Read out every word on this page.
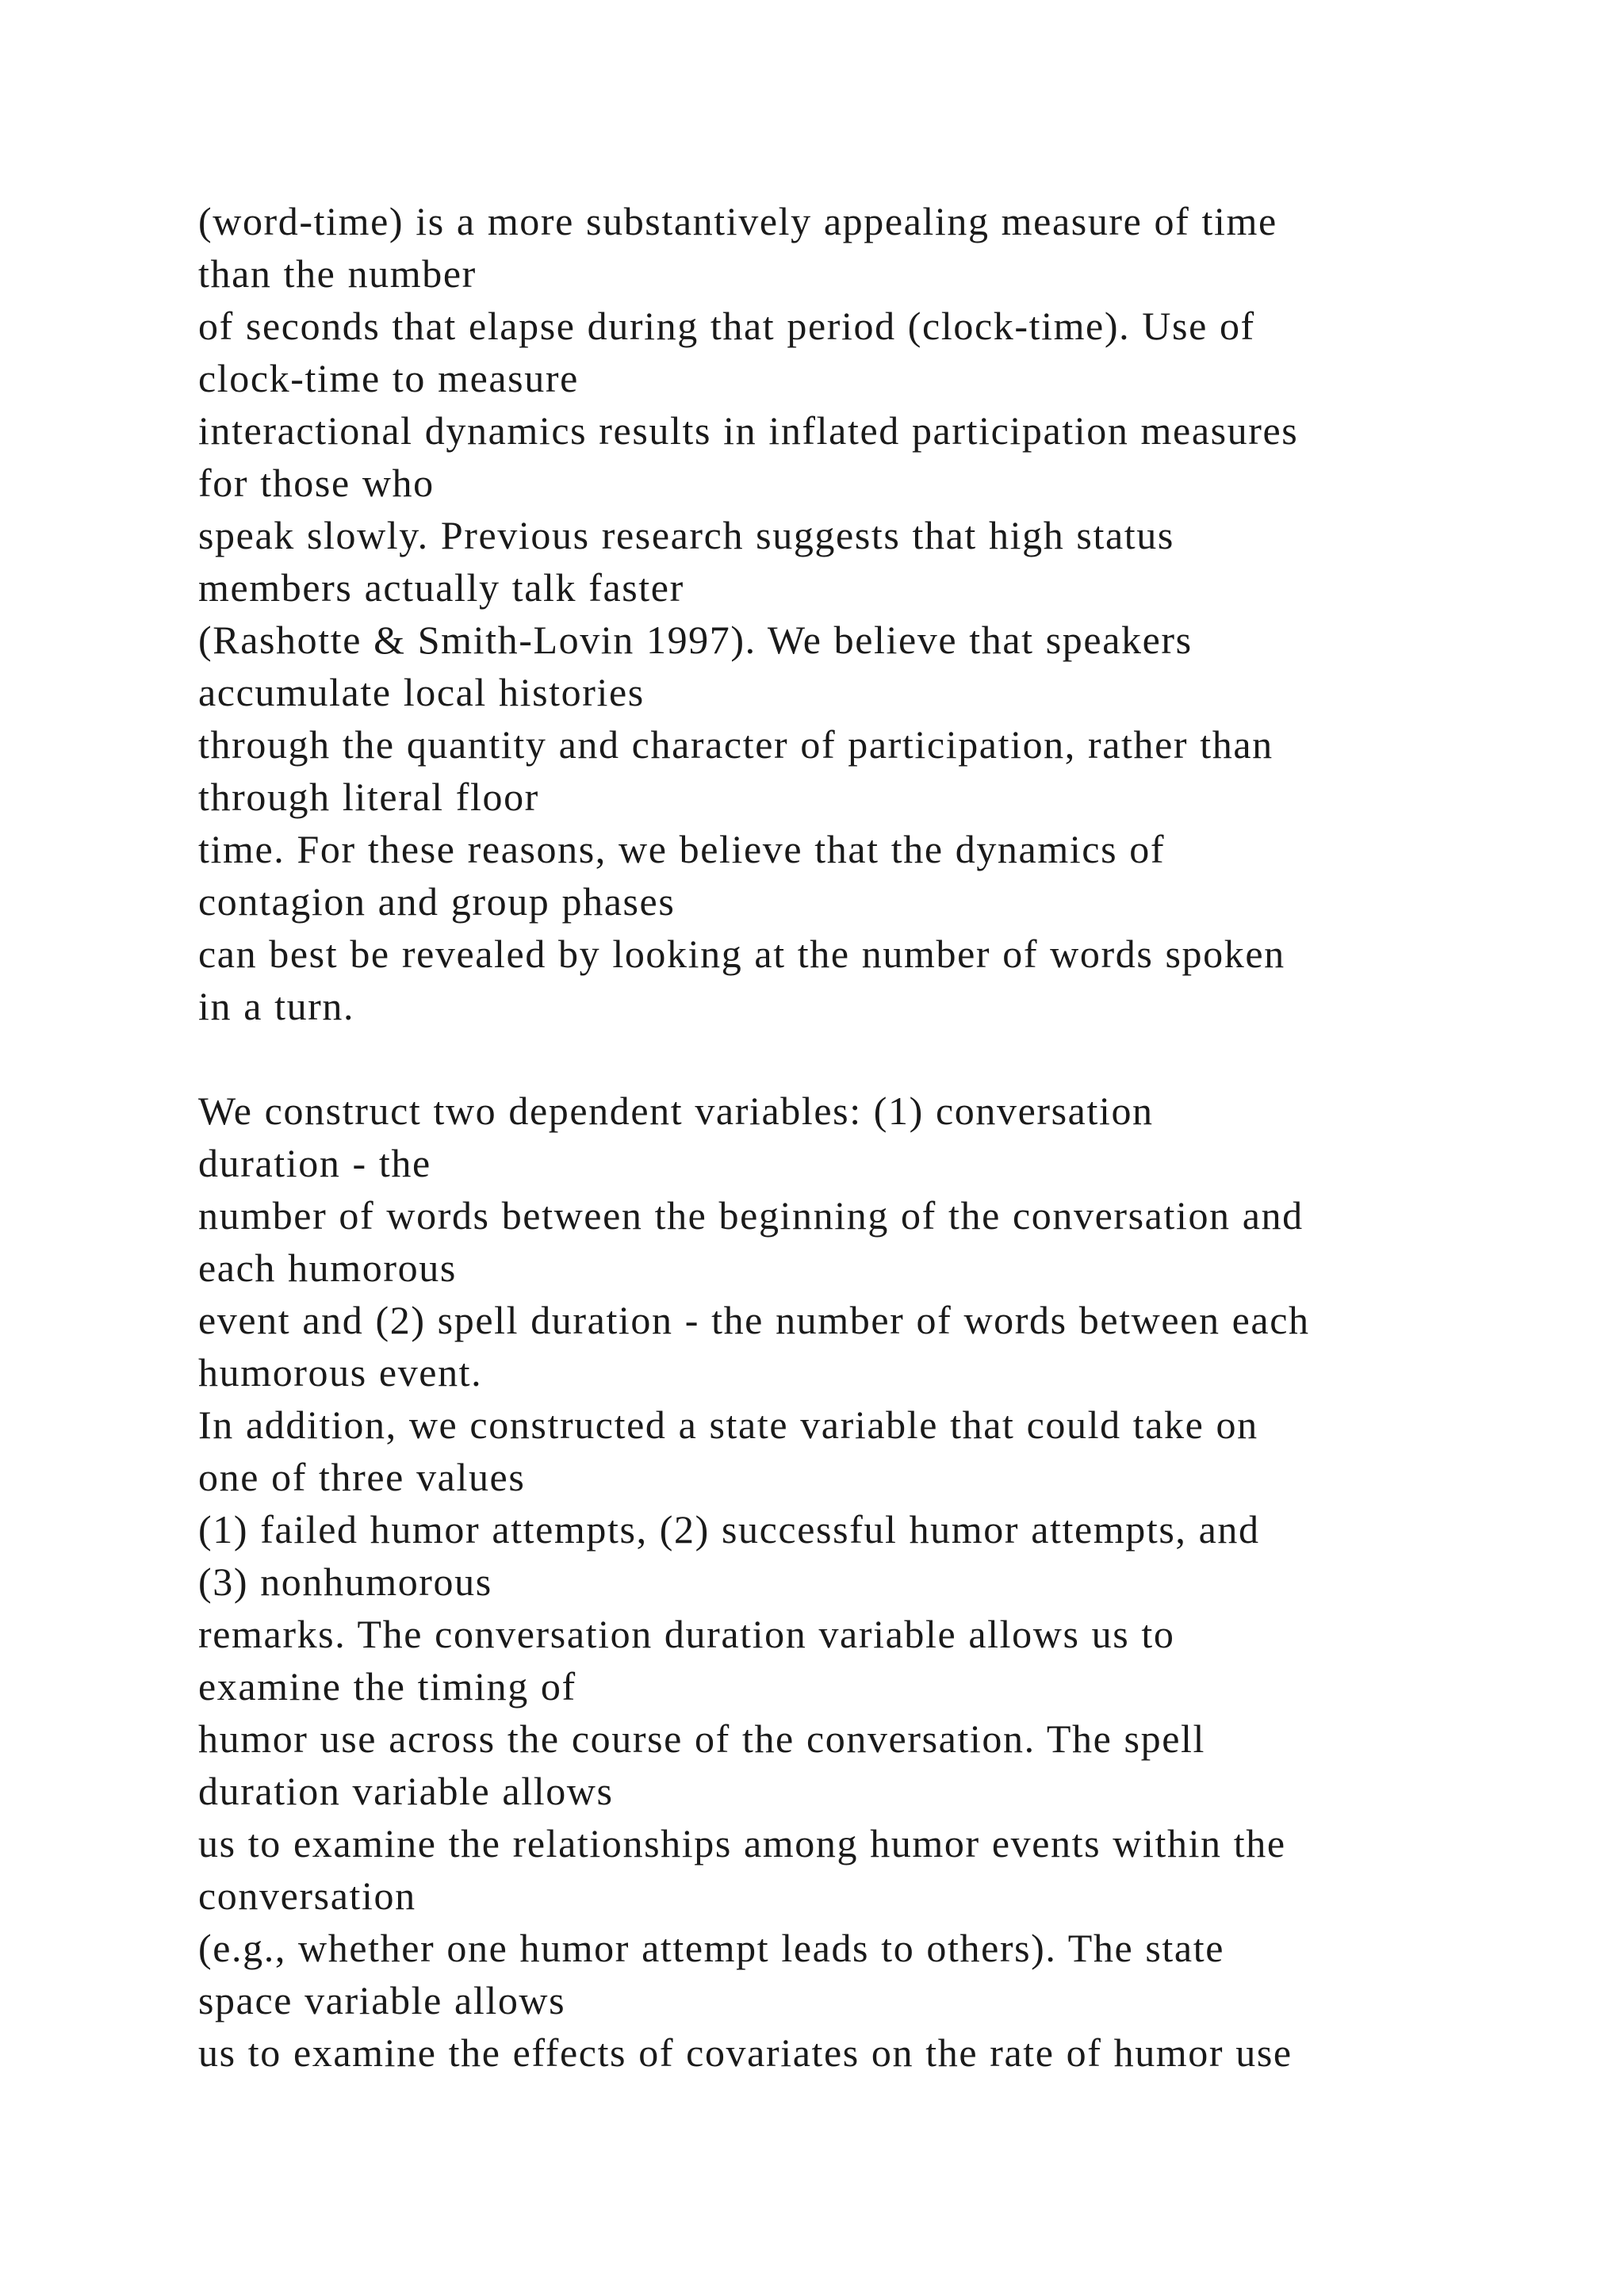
(word-time) is a more substantively appealing measure of time
than the number
of seconds that elapse during that period (clock-time). Use of
clock-time to measure
interactional dynamics results in inflated participation measures
for those who
speak slowly. Previous research suggests that high status
members actually talk faster
(Rashotte & Smith-Lovin 1997). We believe that speakers
accumulate local histories
through the quantity and character of participation, rather than
through literal floor
time. For these reasons, we believe that the dynamics of
contagion and group phases
can best be revealed by looking at the number of words spoken
in a turn.
We construct two dependent variables: (1) conversation
duration - the
number of words between the beginning of the conversation and
each humorous
event and (2) spell duration - the number of words between each
humorous event.
In addition, we constructed a state variable that could take on
one of three values
(1) failed humor attempts, (2) successful humor attempts, and
(3) nonhumorous
remarks. The conversation duration variable allows us to
examine the timing of
humor use across the course of the conversation. The spell
duration variable allows
us to examine the relationships among humor events within the
conversation
(e.g., whether one humor attempt leads to others). The state
space variable allows
us to examine the effects of covariates on the rate of humor use
